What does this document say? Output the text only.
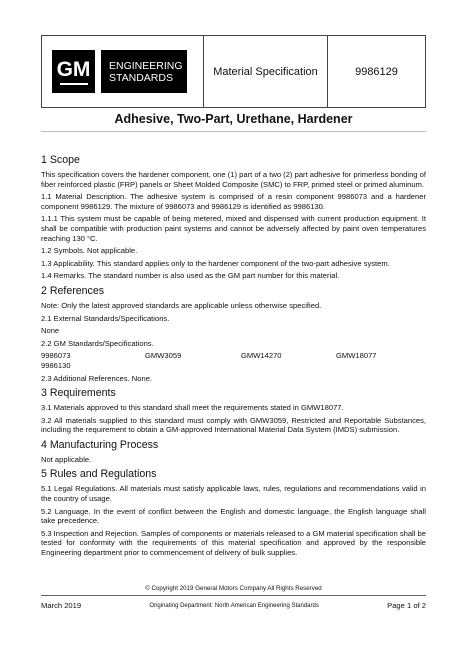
GM ENGINEERING
STANDARDS	Material Specification	9986129
Adhesive, Two-Part, Urethane, Hardener
1 Scope
This specification covers the hardener component, one (1) part of a two (2) part adhesive for primerless bonding of fiber reinforced plastic (FRP) panels or Sheet Molded Composite (SMC) to FRP, primed steel or primed aluminum.
1.1 Material Description. The adhesive system is comprised of a resin component 9986073 and a hardener component 9986129. The mixture of 9986073 and 9986129 is identified as 9986130.
1.1.1 This system must be capable of being metered, mixed and dispensed with current production equipment. It shall be compatible with production paint systems and cannot be adversely affected by paint oven temperatures reaching 130 °C.
1.2 Symbols. Not applicable.
1.3 Applicability. This standard applies only to the hardener component of the two-part adhesive system.
1.4 Remarks. The standard number is also used as the GM part number for this material.
2 References
Note: Only the latest approved standards are applicable unless otherwise specified.
2.1 External Standards/Specifications.
None
2.2 GM Standards/Specifications.
9986073	GMW3059	GMW14270	GMW18077
9986130
2.3 Additional References. None.
3 Requirements
3.1 Materials approved to this standard shall meet the requirements stated in GMW18077.
3.2 All materials supplied to this standard must comply with GMW3059, Restricted and Reportable Substances, including the requirement to obtain a GM-approved International Material Data System (IMDS) submission.
4 Manufacturing Process
Not applicable.
5 Rules and Regulations
5.1 Legal Regulations. All materials must satisfy applicable laws, rules, regulations and recommendations valid in the country of usage.
5.2 Language. In the event of conflict between the English and domestic language, the English language shall take precedence.
5.3 Inspection and Rejection. Samples of components or materials released to a GM material specification shall be tested for conformity with the requirements of this material specification and approved by the responsible Engineering department prior to commencement of delivery of bulk supplies.
© Copyright 2019 General Motors Company All Rights Reserved
March 2019	Originating Department: North American Engineering Standards	Page 1 of 2
